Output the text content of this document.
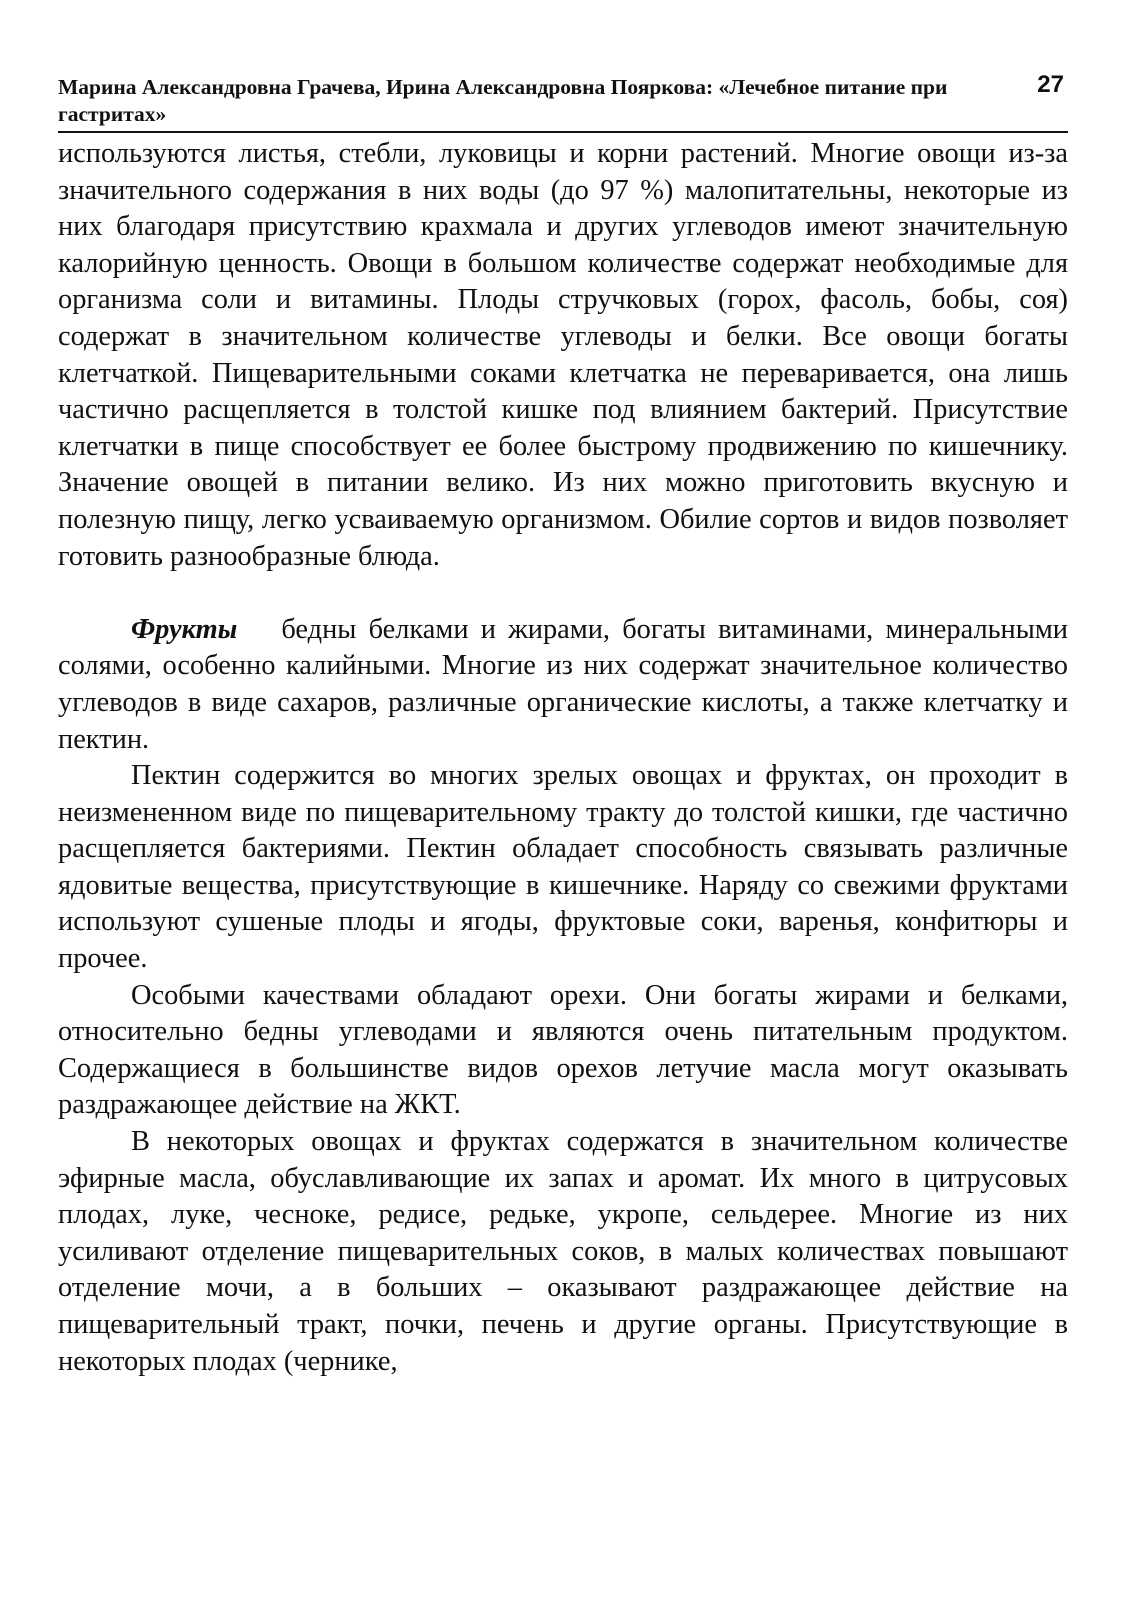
Марина Александровна Грачева, Ирина Александровна Пояркова: «Лечебное питание при гастритах»
27

используются листья, стебли, луковицы и корни растений. Многие овощи из-за значительного содержания в них воды (до 97 %) малопитательны, некоторые из них благодаря присутствию крахмала и других углеводов имеют значительную калорийную ценность. Овощи в большом количестве содержат необходимые для организма соли и витамины. Плоды стручковых (горох, фасоль, бобы, соя) содержат в значительном количестве углеводы и белки. Все овощи богаты клетчаткой. Пищеварительными соками клетчатка не переваривается, она лишь частично расщепляется в толстой кишке под влиянием бактерий. Присутствие клетчатки в пище способствует ее более быстрому продвижению по кишечнику. Значение овощей в питании велико. Из них можно приготовить вкусную и полезную пищу, легко усваиваемую организмом. Обилие сортов и видов позволяет готовить разнообразные блюда.

Фрукты бедны белками и жирами, богаты витаминами, минеральными солями, особенно калийными. Многие из них содержат значительное количество углеводов в виде сахаров, различные органические кислоты, а также клетчатку и пектин.

Пектин содержится во многих зрелых овощах и фруктах, он проходит в неизмененном виде по пищеварительному тракту до толстой кишки, где частично расщепляется бактериями. Пектин обладает способность связывать различные ядовитые вещества, присутствующие в кишечнике. Наряду со свежими фруктами используют сушеные плоды и ягоды, фруктовые соки, варенья, конфитюры и прочее.

Особыми качествами обладают орехи. Они богаты жирами и белками, относительно бедны углеводами и являются очень питательным продуктом. Содержащиеся в большинстве видов орехов летучие масла могут оказывать раздражающее действие на ЖКТ.

В некоторых овощах и фруктах содержатся в значительном количестве эфирные масла, обуславливающие их запах и аромат. Их много в цитрусовых плодах, луке, чесноке, редисе, редьке, укропе, сельдерее. Многие из них усиливают отделение пищеварительных соков, в малых количествах повышают отделение мочи, а в больших – оказывают раздражающее действие на пищеварительный тракт, почки, печень и другие органы. Присутствующие в некоторых плодах (чернике,
